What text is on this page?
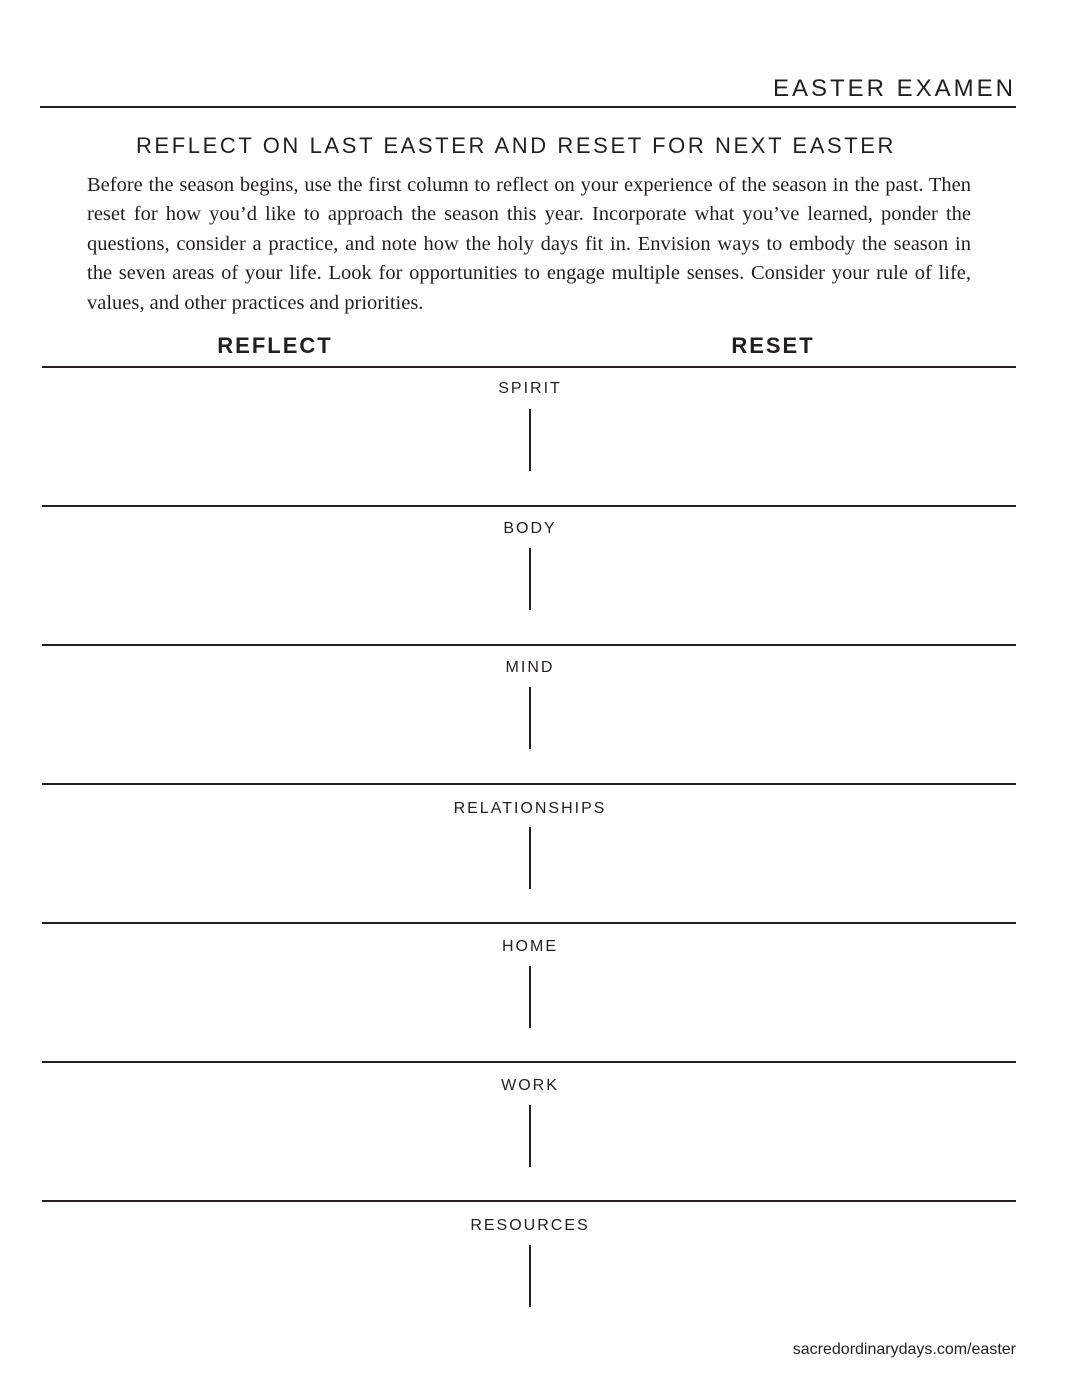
EASTER EXAMEN
REFLECT ON LAST EASTER AND RESET FOR NEXT EASTER

Before the season begins, use the first column to reflect on your experience of the season in the past. Then reset for how you’d like to approach the season this year. Incorporate what you’ve learned, ponder the questions, consider a practice, and note how the holy days fit in. Envision ways to embody the season in the seven areas of your life. Look for opportunities to engage multiple senses. Consider your rule of life, values, and other practices and priorities.

REFLECT	RESET
SPIRIT
BODY
MIND
RELATIONSHIPS
HOME
WORK
RESOURCES
sacredordinarydays.com/easter
